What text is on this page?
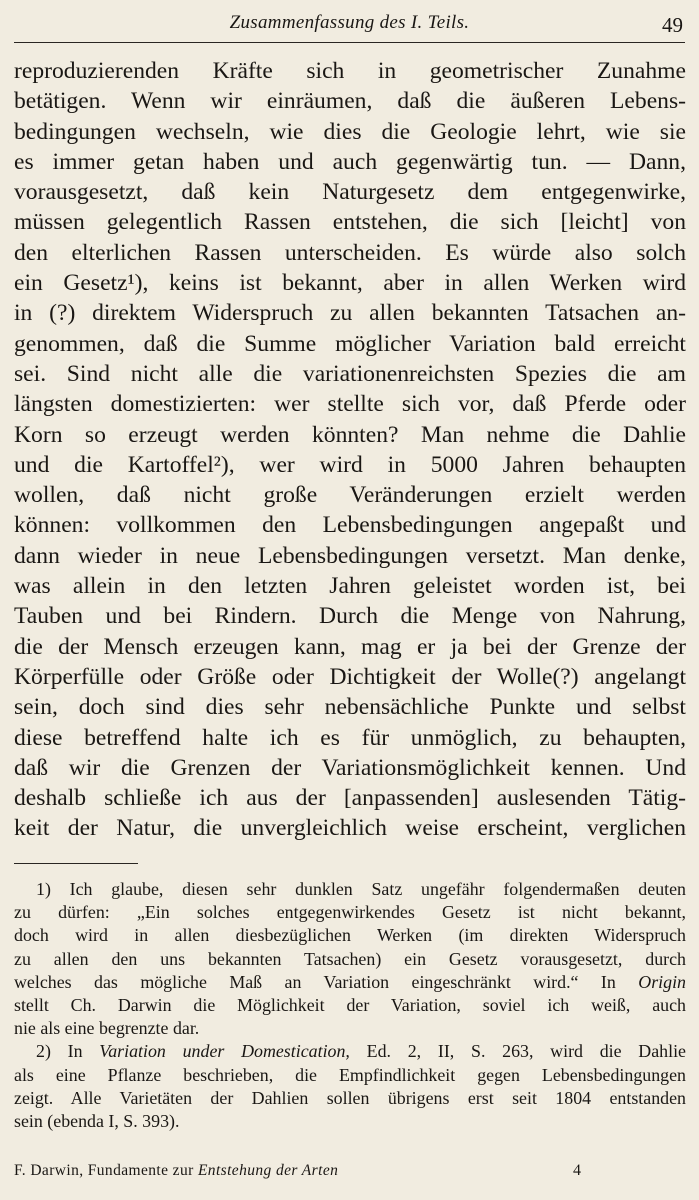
Zusammenfassung des I. Teils.	49
reproduzierenden Kräfte sich in geometrischer Zunahme
betätigen. Wenn wir einräumen, daß die äußeren Lebens-
bedingungen wechseln, wie dies die Geologie lehrt, wie sie
es immer getan haben und auch gegenwärtig tun. — Dann,
vorausgesetzt, daß kein Naturgesetz dem entgegenwirke,
müssen gelegentlich Rassen entstehen, die sich [leicht] von
den elterlichen Rassen unterscheiden. Es würde also solch
ein Gesetz¹), keins ist bekannt, aber in allen Werken wird
in (?) direktem Widerspruch zu allen bekannten Tatsachen an-
genommen, daß die Summe möglicher Variation bald erreicht
sei. Sind nicht alle die variationenreichsten Spezies die am
längsten domestizierten: wer stellte sich vor, daß Pferde oder
Korn so erzeugt werden könnten? Man nehme die Dahlie
und die Kartoffel²), wer wird in 5000 Jahren behaupten
wollen, daß nicht große Veränderungen erzielt werden
können: vollkommen den Lebensbedingungen angepaßt und
dann wieder in neue Lebensbedingungen versetzt. Man denke,
was allein in den letzten Jahren geleistet worden ist, bei
Tauben und bei Rindern. Durch die Menge von Nahrung,
die der Mensch erzeugen kann, mag er ja bei der Grenze der
Körperfülle oder Größe oder Dichtigkeit der Wolle(?) angelangt
sein, doch sind dies sehr nebensächliche Punkte und selbst
diese betreffend halte ich es für unmöglich, zu behaupten,
daß wir die Grenzen der Variationsmöglichkeit kennen. Und
deshalb schließe ich aus der [anpassenden] auslesenden Tätig-
keit der Natur, die unvergleichlich weise erscheint, verglichen
1) Ich glaube, diesen sehr dunklen Satz ungefähr folgendermaßen deuten
zu dürfen: „Ein solches entgegenwirkendes Gesetz ist nicht bekannt,
doch wird in allen diesbezüglichen Werken (im direkten Widerspruch
zu allen den uns bekannten Tatsachen) ein Gesetz vorausgesetzt, durch
welches das mögliche Maß an Variation eingeschränkt wird.“ In Origin
stellt Ch. Darwin die Möglichkeit der Variation, soviel ich weiß, auch
nie als eine begrenzte dar.
2) In Variation under Domestication, Ed. 2, II, S. 263, wird die Dahlie
als eine Pflanze beschrieben, die Empfindlichkeit gegen Lebensbedingungen
zeigt. Alle Varietäten der Dahlien sollen übrigens erst seit 1804 entstanden
sein (ebenda I, S. 393).
F. Darwin, Fundamente zur Entstehung der Arten	4
